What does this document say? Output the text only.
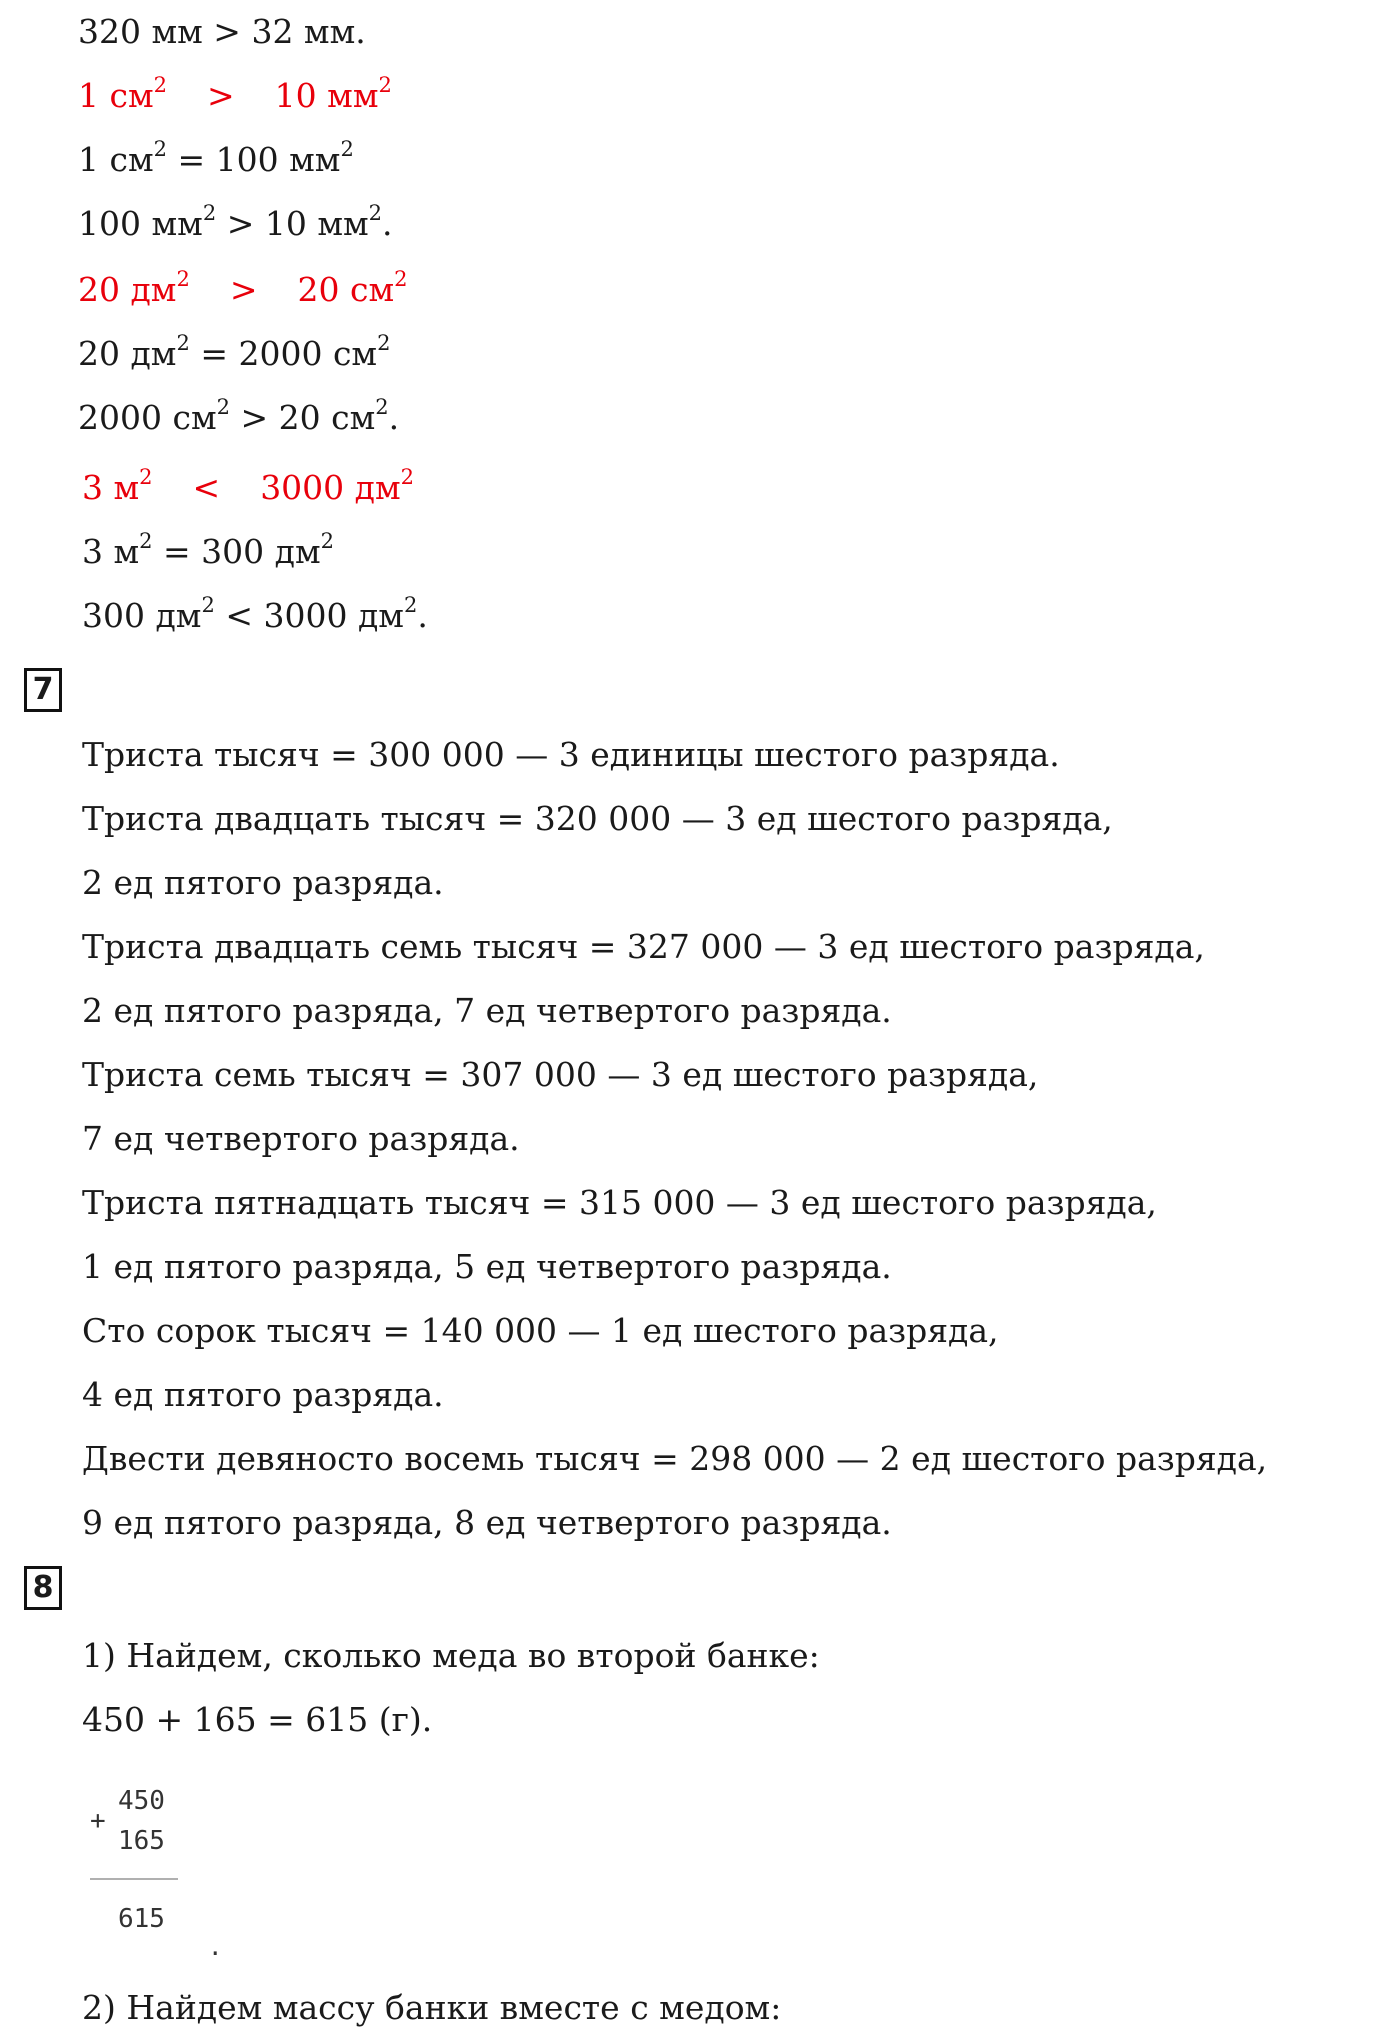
320 мм > 32 мм.
1 $см^2 > 10$ $мм^2$
1 $см^2 = 100$ $мм^2$
100 $мм^2 > 10$ $мм^2$.
20 $дм^2 > 20$ $см^2$
20 $дм^2 = 2000$ $см^2$
2000 $см^2 > 20$ $см^2$.
3 $м^2 < 3000$ $дм^2$
3 $м^2 = 300$ $дм^2$
300 $дм^2 < 3000$ $дм^2$.
7
Триста тысяч = 300 000 — 3 единицы шестого разряда.
Триста двадцать тысяч = 320 000 — 3 ед шестого разряда,
2 ед пятого разряда.
Триста двадцать семь тысяч = 327 000 — 3 ед шестого разряда,
2 ед пятого разряда, 7 ед четвертого разряда.
Триста семь тысяч = 307 000 — 3 ед шестого разряда,
7 ед четвертого разряда.
Триста пятнадцать тысяч = 315 000 — 3 ед шестого разряда,
1 ед пятого разряда, 5 ед четвертого разряда.
Сто сорок тысяч = 140 000 — 1 ед шестого разряда,
4 ед пятого разряда.
Двести девяносто восемь тысяч = 298 000 — 2 ед шестого разряда,
9 ед пятого разряда, 8 ед четвертого разряда.
8
1) Найдем, сколько меда во второй банке:
450 + 165 = 615 (г).
+
450
165
615
.
2) Найдем массу банки вместе с медом:
